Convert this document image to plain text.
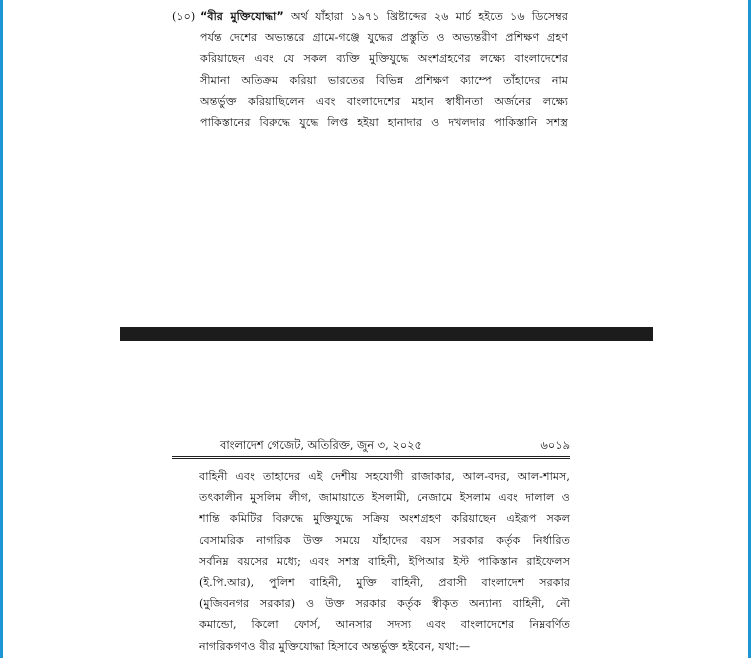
(১০) “বীর মুক্তিযোদ্ধা” অর্থ যাঁহারা ১৯৭১ খ্রিষ্টাব্দের ২৬ মার্চ হইতে ১৬ ডিসেম্বর
পর্যন্ত দেশের অভ্যন্তরে গ্রামে-গঞ্জে যুদ্ধের প্রস্তুতি ও অভ্যন্তরীণ প্রশিক্ষণ গ্রহণ
করিয়াছেন এবং যে সকল ব্যক্তি মুক্তিযুদ্ধে অংশগ্রহণের লক্ষ্যে বাংলাদেশের
সীমানা অতিক্রম করিয়া ভারতের বিভিন্ন প্রশিক্ষণ ক্যাম্পে তাঁহাদের নাম
অন্তর্ভুক্ত করিয়াছিলেন এবং বাংলাদেশের মহান স্বাধীনতা অর্জনের লক্ষ্যে
পাকিস্তানের বিরুদ্ধে যুদ্ধে লিপ্ত হইয়া হানাদার ও দখলদার পাকিস্তানি সশস্ত্র
বাংলাদেশ গেজেট, অতিরিক্ত, জুন ৩, ২০২৫	৬০১৯
বাহিনী এবং তাহাদের এই দেশীয় সহযোগী রাজাকার, আল-বদর, আল-শামস,
তৎকালীন মুসলিম লীগ, জামায়াতে ইসলামী, নেজামে ইসলাম এবং দালাল ও
শান্তি কমিটির বিরুদ্ধে মুক্তিযুদ্ধে সক্রিয় অংশগ্রহণ করিয়াছেন এইরূপ সকল
বেসামরিক নাগরিক উক্ত সময়ে যাঁহাদের বয়স সরকার কর্তৃক নির্ধারিত
সর্বনিম্ন বয়সের মধ্যে; এবং সশস্ত্র বাহিনী, ইপিআর ইস্ট পাকিস্তান রাইফেলস
(ই.পি.আর), পুলিশ বাহিনী, মুক্তি বাহিনী, প্রবাসী বাংলাদেশ সরকার
(মুজিবনগর সরকার) ও উক্ত সরকার কর্তৃক স্বীকৃত অন্যান্য বাহিনী, নৌ
কমান্ডো, কিলো ফোর্স, আনসার সদস্য এবং বাংলাদেশের নিম্নবর্ণিত
নাগরিকগণও বীর মুক্তিযোদ্ধা হিসাবে অন্তর্ভুক্ত হইবেন, যথা:—
